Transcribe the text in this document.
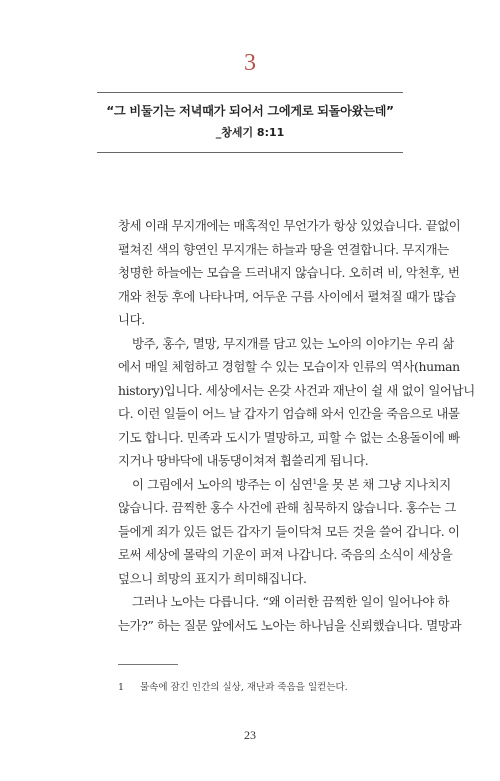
3
“그 비둘기는 저녁때가 되어서 그에게로 되돌아왔는데”
_창세기 8:11
창세 이래 무지개에는 매혹적인 무언가가 항상 있었습니다. 끝없이
펼쳐진 색의 향연인 무지개는 하늘과 땅을 연결합니다. 무지개는
청명한 하늘에는 모습을 드러내지 않습니다. 오히려 비, 악천후, 번
개와 천둥 후에 나타나며, 어두운 구름 사이에서 펼쳐질 때가 많습
니다.
방주, 홍수, 멸망, 무지개를 담고 있는 노아의 이야기는 우리 삶
에서 매일 체험하고 경험할 수 있는 모습이자 인류의 역사(human
history)입니다. 세상에서는 온갖 사건과 재난이 쉴 새 없이 일어납니
다. 이런 일들이 어느 날 갑자기 엄습해 와서 인간을 죽음으로 내몰
기도 합니다. 민족과 도시가 멸망하고, 피할 수 없는 소용돌이에 빠
지거나 땅바닥에 내동댕이쳐져 휩쓸리게 됩니다.
이 그림에서 노아의 방주는 이 심연$^1$을 못 본 채 그냥 지나치지
않습니다. 끔찍한 홍수 사건에 관해 침묵하지 않습니다. 홍수는 그
들에게 죄가 있든 없든 갑자기 들이닥쳐 모든 것을 쓸어 갑니다. 이
로써 세상에 몰락의 기운이 퍼져 나갑니다. 죽음의 소식이 세상을
덮으니 희망의 표지가 희미해집니다.
그러나 노아는 다릅니다. “왜 이러한 끔찍한 일이 일어나야 하
는가?” 하는 질문 앞에서도 노아는 하나님을 신뢰했습니다. 멸망과
1 물속에 잠긴 인간의 실상, 재난과 죽음을 일컫는다.
23
